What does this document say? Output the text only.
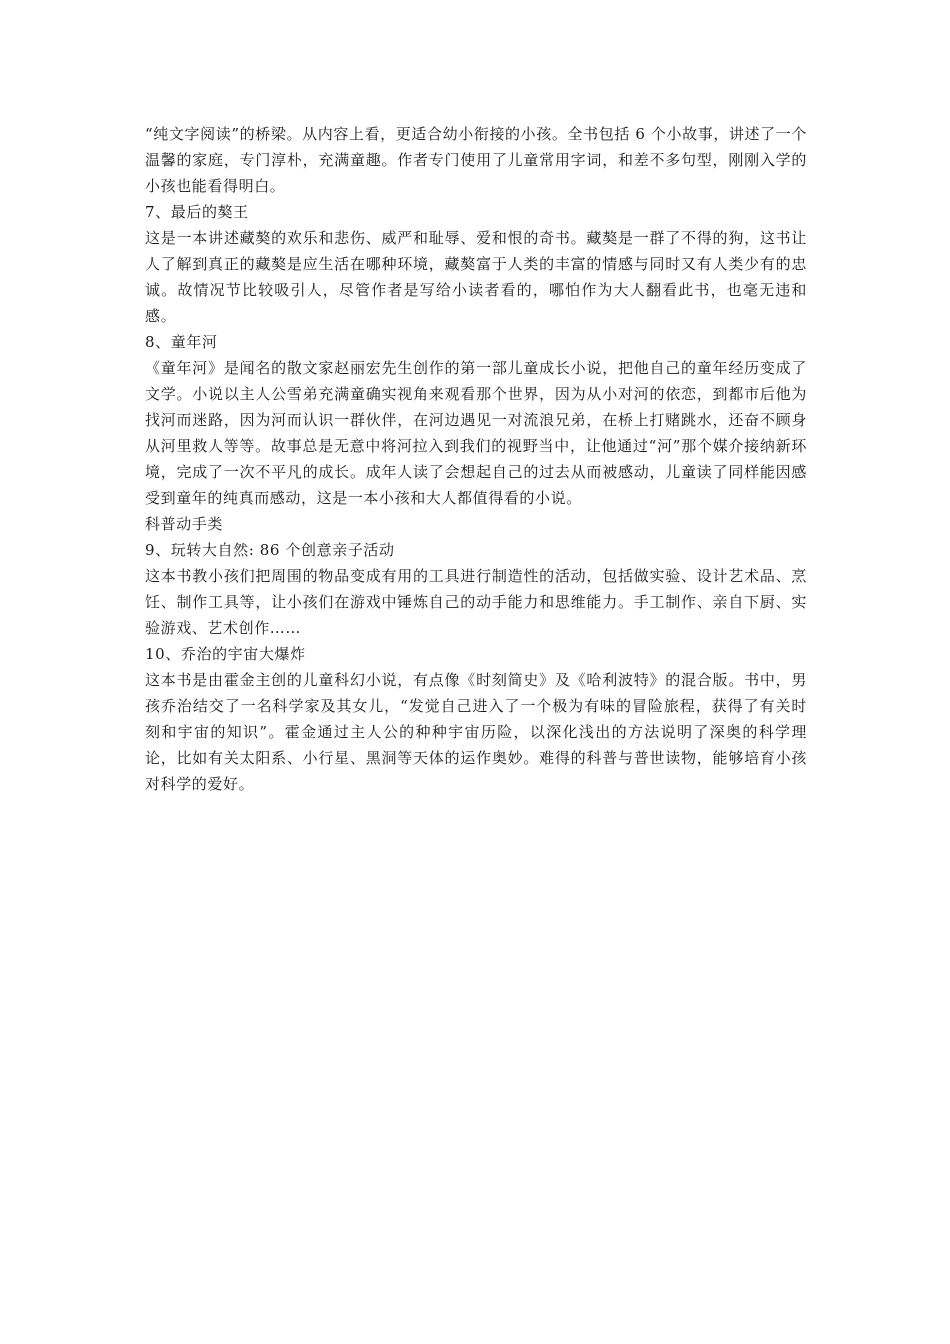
“纯文字阅读”的桥梁。从内容上看，更适合幼小衔接的小孩。全书包括 6 个小故事，讲述了一个温馨的家庭，专门淳朴，充满童趣。作者专门使用了儿童常用字词，和差不多句型，刚刚入学的小孩也能看得明白。

7、最后的獒王

这是一本讲述藏獒的欢乐和悲伤、威严和耻辱、爱和恨的奇书。藏獒是一群了不得的狗，这书让人了解到真正的藏獒是应生活在哪种环境，藏獒富于人类的丰富的情感与同时又有人类少有的忠诚。故情况节比较吸引人，尽管作者是写给小读者看的，哪怕作为大人翻看此书，也毫无违和感。

8、童年河

《童年河》是闻名的散文家赵丽宏先生创作的第一部儿童成长小说，把他自己的童年经历变成了文学。小说以主人公雪弟充满童确实视角来观看那个世界，因为从小对河的依恋，到都市后他为找河而迷路，因为河而认识一群伙伴，在河边遇见一对流浪兄弟，在桥上打赌跳水，还奋不顾身从河里救人等等。故事总是无意中将河拉入到我们的视野当中，让他通过“河”那个媒介接纳新环境，完成了一次不平凡的成长。成年人读了会想起自己的过去从而被感动，儿童读了同样能因感受到童年的纯真而感动，这是一本小孩和大人都值得看的小说。

科普动手类

9、玩转大自然: 86 个创意亲子活动

这本书教小孩们把周围的物品变成有用的工具进行制造性的活动，包括做实验、设计艺术品、烹饪、制作工具等，让小孩们在游戏中锤炼自己的动手能力和思维能力。手工制作、亲自下厨、实验游戏、艺术创作……

10、乔治的宇宙大爆炸

这本书是由霍金主创的儿童科幻小说，有点像《时刻简史》及《哈利波特》的混合版。书中，男孩乔治结交了一名科学家及其女儿，“发觉自己进入了一个极为有味的冒险旅程，获得了有关时刻和宇宙的知识”。霍金通过主人公的种种宇宙历险，以深化浅出的方法说明了深奥的科学理论，比如有关太阳系、小行星、黑洞等天体的运作奥妙。难得的科普与普世读物，能够培育小孩对科学的爱好。
